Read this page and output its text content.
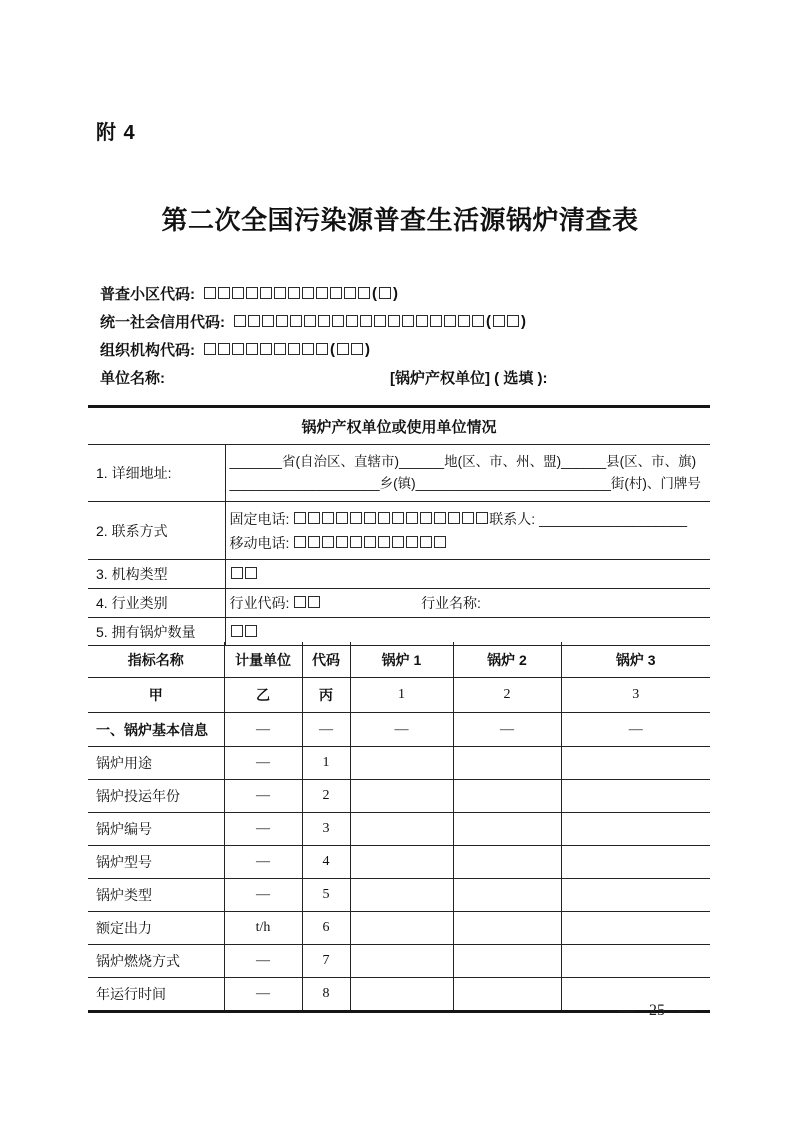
附 4
第二次全国污染源普查生活源锅炉清查表
普查小区代码:	( )
统一社会信用代码:	( )
组织机构代码:	( )
单位名称:	[锅炉产权单位] ( 选填 ):
锅炉产权单位或使用单位情况	
1. 详细地址:	_______省(自治区、直辖市)______地(区、市、州、盟)______县(区、市、旗)
____________________乡(镇)__________________________街(村)、门牌号

2. 联系方式	固定电话: 联系人: ___________________
移动电话:

3. 机构类型	

4. 行业类别	行业代码: 行业名称:
5. 拥有锅炉数量	
指标名称	计量单位	代码	锅炉 1	锅炉 2	锅炉 3
甲	乙	丙	1	2	3
一、锅炉基本信息	—	—	—	—	—
锅炉用途	—	1			
锅炉投运年份	—	2			
锅炉编号	—	3			
锅炉型号	—	4			
锅炉类型	—	5			
额定出力	t/h	6			
锅炉燃烧方式	—	7			
年运行时间	—	8			
— 25 —
